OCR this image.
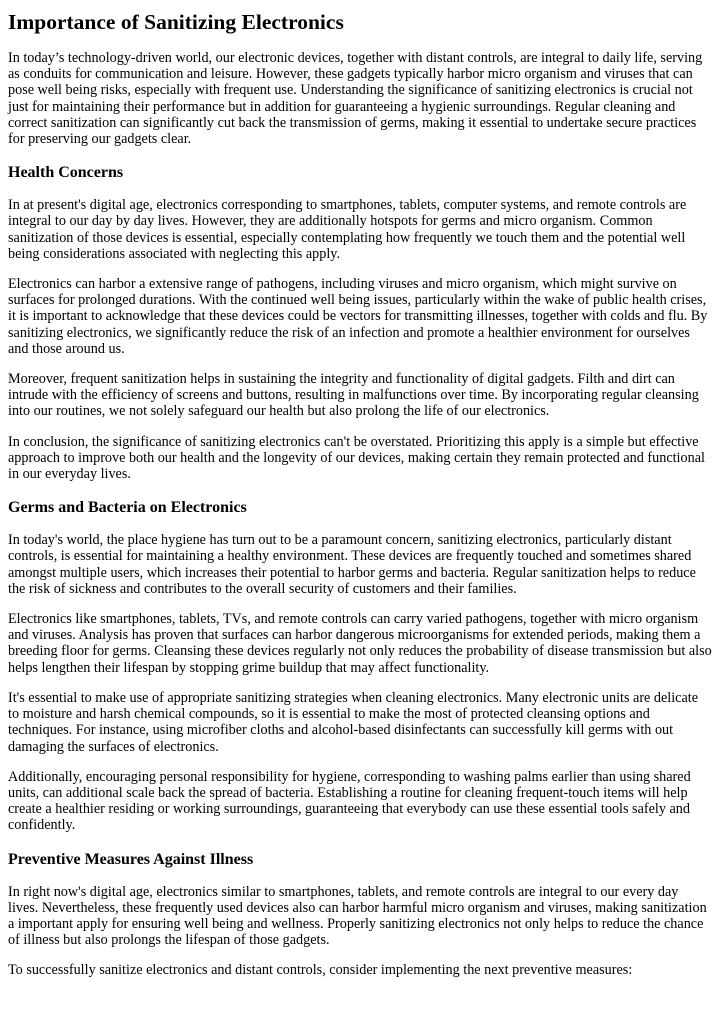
Importance of Sanitizing Electronics

In today’s technology-driven world, our electronic devices, together with distant controls, are integral to daily life, serving as conduits for communication and leisure. However, these gadgets typically harbor micro organism and viruses that can pose well being risks, especially with frequent use. Understanding the significance of sanitizing electronics is crucial not just for maintaining their performance but in addition for guaranteeing a hygienic surroundings. Regular cleaning and correct sanitization can significantly cut back the transmission of germs, making it essential to undertake secure practices for preserving our gadgets clear.

Health Concerns

In at present's digital age, electronics corresponding to smartphones, tablets, computer systems, and remote controls are integral to our day by day lives. However, they are additionally hotspots for germs and micro organism. Common sanitization of those devices is essential, especially contemplating how frequently we touch them and the potential well being considerations associated with neglecting this apply.

Electronics can harbor a extensive range of pathogens, including viruses and micro organism, which might survive on surfaces for prolonged durations. With the continued well being issues, particularly within the wake of public health crises, it is important to acknowledge that these devices could be vectors for transmitting illnesses, together with colds and flu. By sanitizing electronics, we significantly reduce the risk of an infection and promote a healthier environment for ourselves and those around us.

Moreover, frequent sanitization helps in sustaining the integrity and functionality of digital gadgets. Filth and dirt can intrude with the efficiency of screens and buttons, resulting in malfunctions over time. By incorporating regular cleansing into our routines, we not solely safeguard our health but also prolong the life of our electronics.

In conclusion, the significance of sanitizing electronics can't be overstated. Prioritizing this apply is a simple but effective approach to improve both our health and the longevity of our devices, making certain they remain protected and functional in our everyday lives.

Germs and Bacteria on Electronics

In today's world, the place hygiene has turn out to be a paramount concern, sanitizing electronics, particularly distant controls, is essential for maintaining a healthy environment. These devices are frequently touched and sometimes shared amongst multiple users, which increases their potential to harbor germs and bacteria. Regular sanitization helps to reduce the risk of sickness and contributes to the overall security of customers and their families.

Electronics like smartphones, tablets, TVs, and remote controls can carry varied pathogens, together with micro organism and viruses. Analysis has proven that surfaces can harbor dangerous microorganisms for extended periods, making them a breeding floor for germs. Cleansing these devices regularly not only reduces the probability of disease transmission but also helps lengthen their lifespan by stopping grime buildup that may affect functionality.

It's essential to make use of appropriate sanitizing strategies when cleaning electronics. Many electronic units are delicate to moisture and harsh chemical compounds, so it is essential to make the most of protected cleansing options and techniques. For instance, using microfiber cloths and alcohol-based disinfectants can successfully kill germs with out damaging the surfaces of electronics.

Additionally, encouraging personal responsibility for hygiene, corresponding to washing palms earlier than using shared units, can additional scale back the spread of bacteria. Establishing a routine for cleaning frequent-touch items will help create a healthier residing or working surroundings, guaranteeing that everybody can use these essential tools safely and confidently.

Preventive Measures Against Illness

In right now's digital age, electronics similar to smartphones, tablets, and remote controls are integral to our every day lives. Nevertheless, these frequently used devices also can harbor harmful micro organism and viruses, making sanitization a important apply for ensuring well being and wellness. Properly sanitizing electronics not only helps to reduce the chance of illness but also prolongs the lifespan of those gadgets.

To successfully sanitize electronics and distant controls, consider implementing the next preventive measures:
